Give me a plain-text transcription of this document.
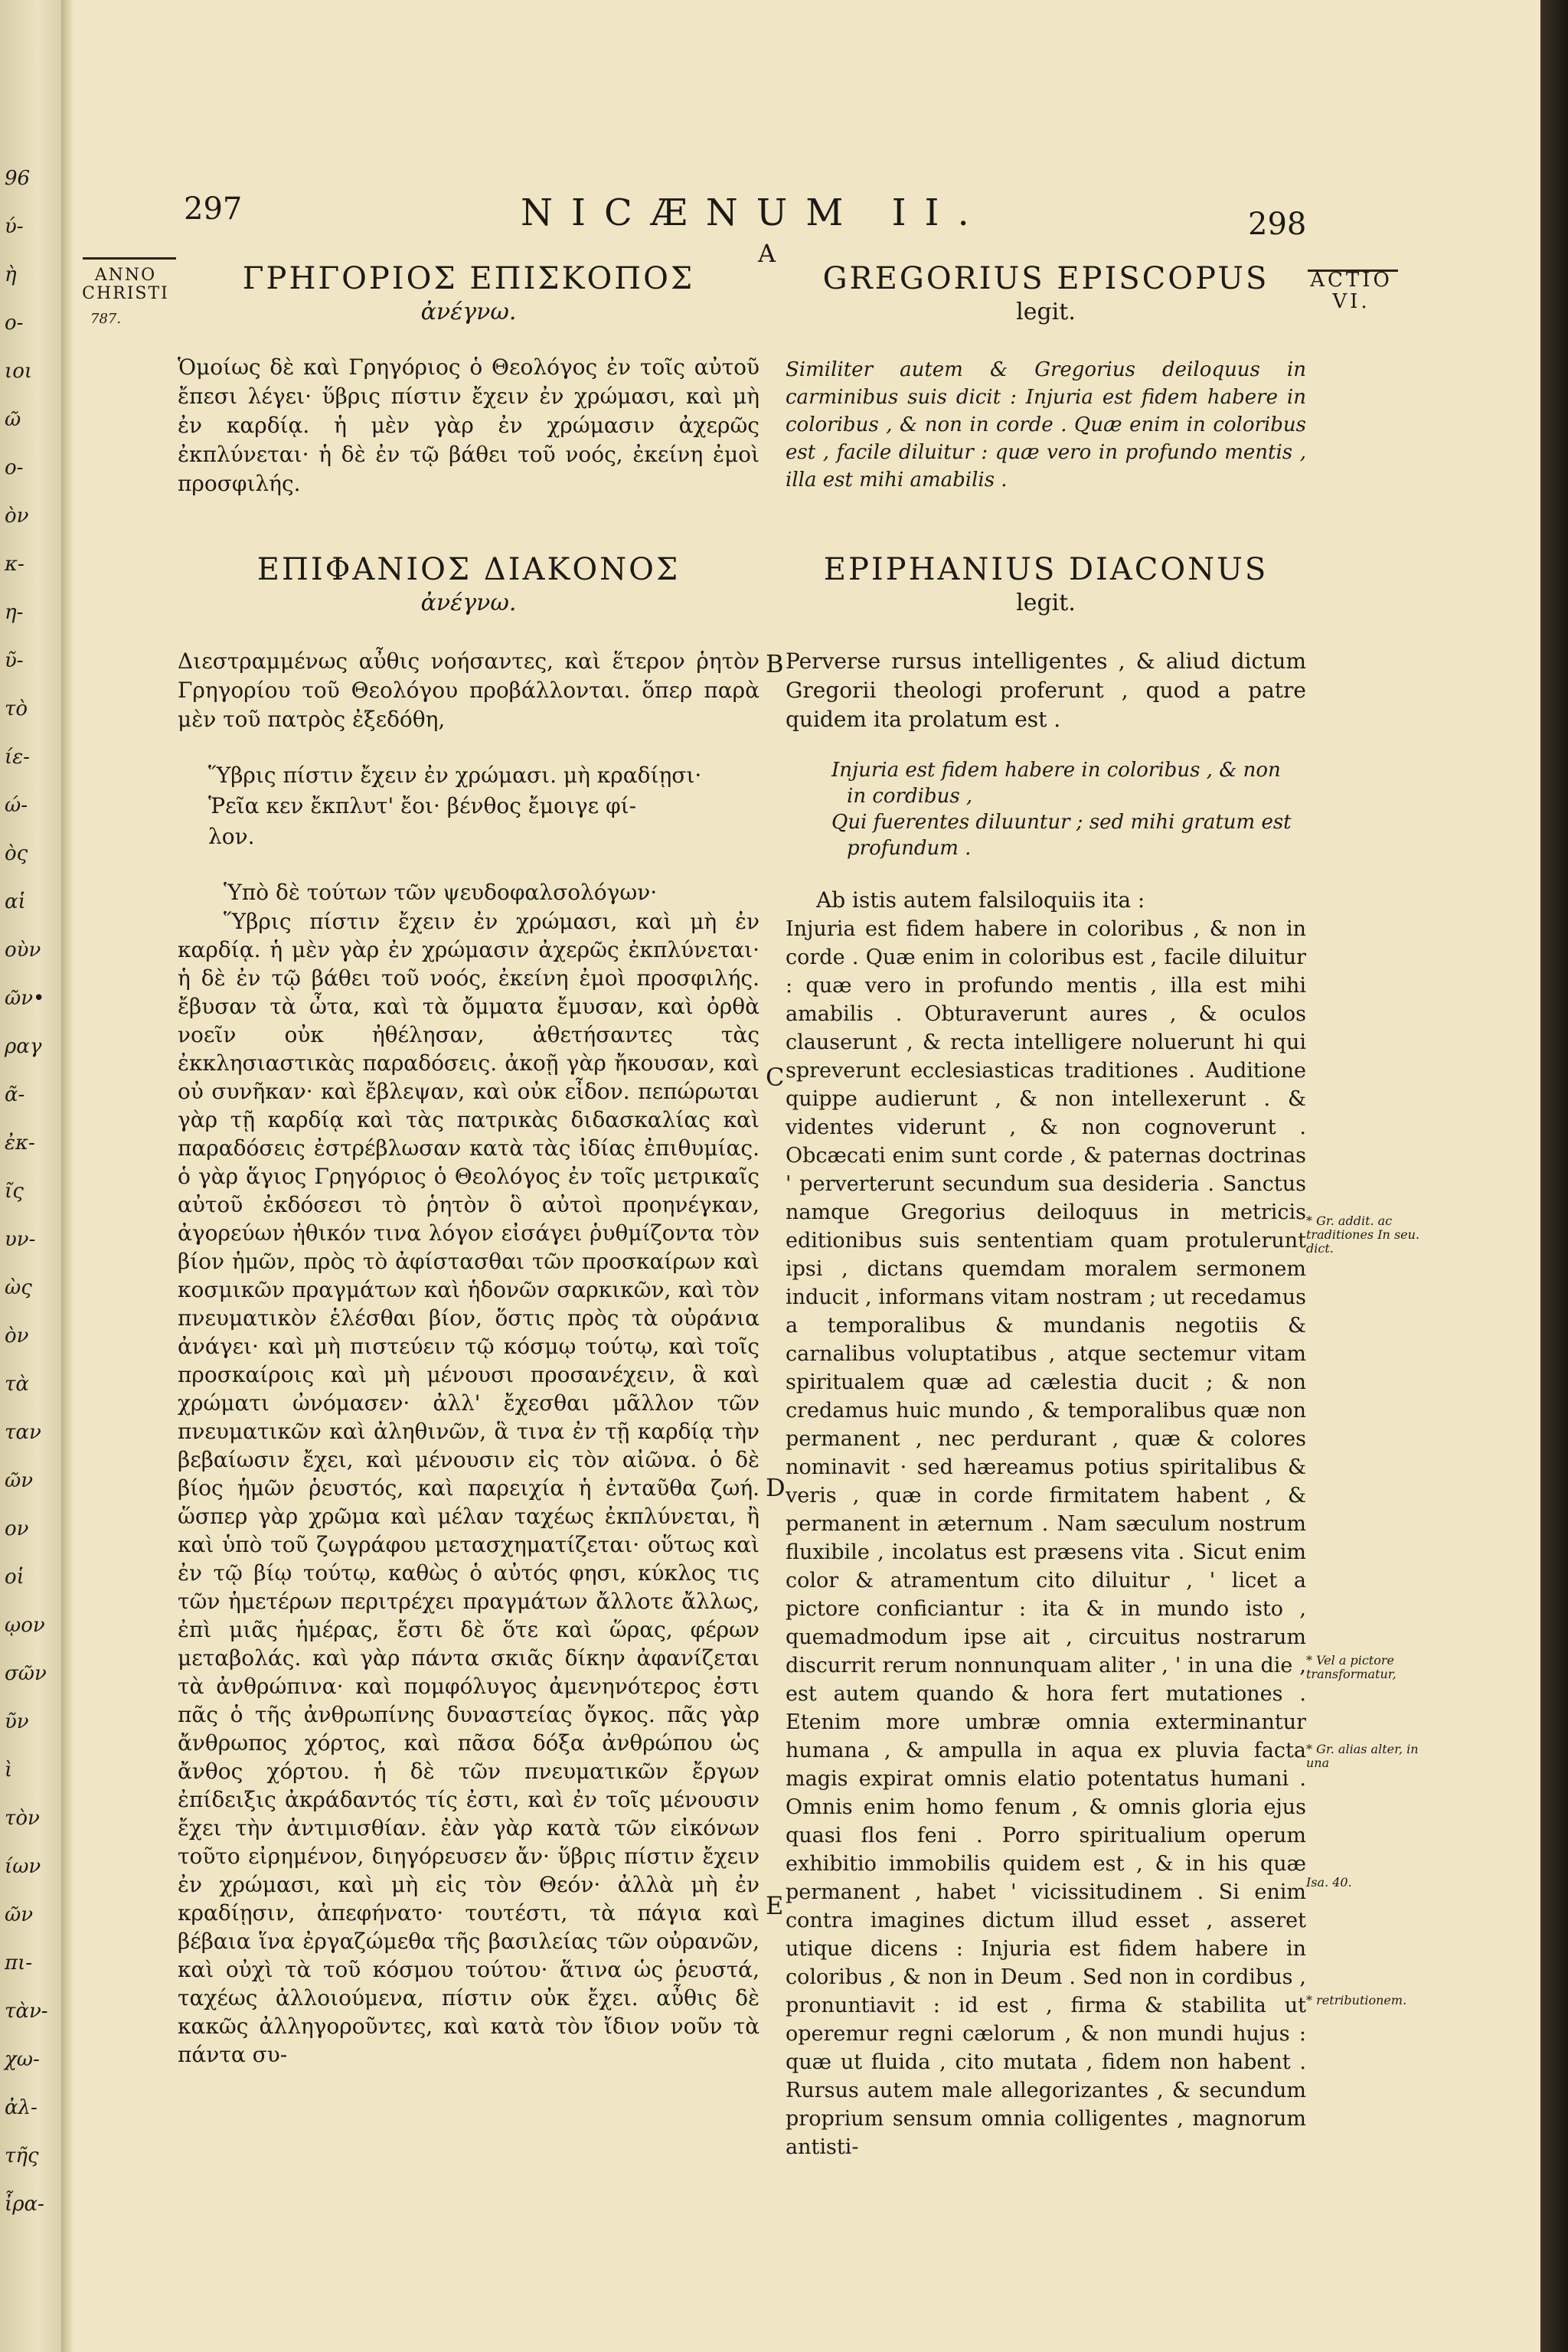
96
ύ-
ὴ
ο-
ιοι
ῶ
ο-
ὸν
κ-
η-
ῦ-
τὸ
ίε-
ώ-
ὸς
αἱ
οὺν
ῶν•
ραγ
ᾶ-
ἐκ-
ῖς
υν-
ὼς
ὸν
τὰ
ταν
ῶν
ον
οἱ
ῳον
σῶν
ῦν
ὶ
τὸν
ίων
ῶν
πι-
τὰν-
χω-
ἀλ-
τῆς
ἶρα-
297	NICÆNUM II.	298
A
B
C
D
E
ANNO CHRISTI
787.
ACTIO VI.
ΓΡΗΓΟΡΙΟΣ ΕΠΙΣΚΟΠΟΣ
ἀνέγνω.

Ὁμοίως δὲ καὶ Γρηγόριος ὁ Θεολόγος ἐν τοῖς αὐτοῦ ἔπεσι λέγει· ὕβρις πίστιν ἔχειν ἐν χρώμασι, καὶ μὴ ἐν καρδίᾳ. ἡ μὲν γὰρ ἐν χρώμασιν ἀχερῶς ἐκπλύνεται· ἡ δὲ ἐν τῷ βάθει τοῦ νοός, ἐκείνη ἐμοὶ προσφιλής.

ΕΠΙΦΑΝΙΟΣ ΔΙΑΚΟΝΟΣ
ἀνέγνω.

Διεστραμμένως αὖθις νοήσαντες, καὶ ἕτερον ῥητὸν Γρηγορίου τοῦ Θεολόγου προβάλλονται. ὅπερ παρὰ μὲν τοῦ πατρὸς ἐξεδόθη,

Ὕβρις πίστιν ἔχειν ἐν χρώμασι. μὴ κραδίῃσι·

Ῥεῖα κεν ἔκπλυτ' ἔοι· βένθος ἔμοιγε φί-

λον.

Ὑπὸ δὲ τούτων τῶν ψευδοφαλσολόγων·

Ὕβρις πίστιν ἔχειν ἐν χρώμασι, καὶ μὴ ἐν καρδίᾳ. ἡ μὲν γὰρ ἐν χρώμασιν ἀχερῶς ἐκπλύνεται· ἡ δὲ ἐν τῷ βάθει τοῦ νοός, ἐκείνη ἐμοὶ προσφιλής. ἔβυσαν τὰ ὦτα, καὶ τὰ ὄμματα ἔμυσαν, καὶ ὀρθὰ νοεῖν οὐκ ἠθέλησαν, ἀθετήσαντες τὰς ἐκκλησιαστικὰς παραδόσεις. ἀκοῇ γὰρ ἤκουσαν, καὶ οὐ συνῆκαν· καὶ ἔβλεψαν, καὶ οὐκ εἶδον. πεπώρωται γὰρ τῇ καρδίᾳ καὶ τὰς πατρικὰς διδασκαλίας καὶ παραδόσεις ἐστρέβλωσαν κατὰ τὰς ἰδίας ἐπιθυμίας. ὁ γὰρ ἅγιος Γρηγόριος ὁ Θεολόγος ἐν τοῖς μετρικαῖς αὐτοῦ ἐκδόσεσι τὸ ῥητὸν ὃ αὐτοὶ προηνέγκαν, ἀγορεύων ἠθικόν τινα λόγον εἰσάγει ῥυθμίζοντα τὸν βίον ἡμῶν, πρὸς τὸ ἀφίστασθαι τῶν προσκαίρων καὶ κοσμικῶν πραγμάτων καὶ ἡδονῶν σαρκικῶν, καὶ τὸν πνευματικὸν ἑλέσθαι βίον, ὅστις πρὸς τὰ οὐράνια ἀνάγει· καὶ μὴ πιστεύειν τῷ κόσμῳ τούτῳ, καὶ τοῖς προσκαίροις καὶ μὴ μένουσι προσανέχειν, ἃ καὶ χρώματι ὠνόμασεν· ἀλλ' ἔχεσθαι μᾶλλον τῶν πνευματικῶν καὶ ἀληθινῶν, ἃ τινα ἐν τῇ καρδίᾳ τὴν βεβαίωσιν ἔχει, καὶ μένουσιν εἰς τὸν αἰῶνα. ὁ δὲ βίος ἡμῶν ῥευστός, καὶ παρειχία ἡ ἐνταῦθα ζωή. ὥσπερ γὰρ χρῶμα καὶ μέλαν ταχέως ἐκπλύνεται, ἢ καὶ ὑπὸ τοῦ ζωγράφου μετασχηματίζεται· οὕτως καὶ ἐν τῷ βίῳ τούτῳ, καθὼς ὁ αὐτός φησι, κύκλος τις τῶν ἡμετέρων περιτρέχει πραγμάτων ἄλλοτε ἄλλως, ἐπὶ μιᾶς ἡμέρας, ἔστι δὲ ὅτε καὶ ὥρας, φέρων μεταβολάς. καὶ γὰρ πάντα σκιᾶς δίκην ἀφανίζεται τὰ ἀνθρώπινα· καὶ πομφόλυγος ἀμενηνότερος ἐστι πᾶς ὁ τῆς ἀνθρωπίνης δυναστείας ὄγκος. πᾶς γὰρ ἄνθρωπος χόρτος, καὶ πᾶσα δόξα ἀνθρώπου ὡς ἄνθος χόρτου. ἡ δὲ τῶν πνευματικῶν ἔργων ἐπίδειξις ἀκράδαντός τίς ἐστι, καὶ ἐν τοῖς μένουσιν ἔχει τὴν ἀντιμισθίαν. ἐὰν γὰρ κατὰ τῶν εἰκόνων τοῦτο εἰρημένον, διηγόρευσεν ἄν· ὕβρις πίστιν ἔχειν ἐν χρώμασι, καὶ μὴ εἰς τὸν Θεόν· ἀλλὰ μὴ ἐν κραδίῃσιν, ἀπεφήνατο· τουτέστι, τὰ πάγια καὶ βέβαια ἵνα ἐργαζώμεθα τῆς βασιλείας τῶν οὐρανῶν, καὶ οὐχὶ τὰ τοῦ κόσμου τούτου· ἅτινα ὡς ῥευστά, ταχέως ἀλλοιούμενα, πίστιν οὐκ ἔχει. αὖθις δὲ κακῶς ἀλληγοροῦντες, καὶ κατὰ τὸν ἴδιον νοῦν τὰ πάντα συ-

GREGORIUS EPISCOPUS
legit.

Similiter autem & Gregorius deiloquus in carminibus suis dicit : Injuria est fidem habere in coloribus , & non in corde . Quæ enim in coloribus est , facile diluitur : quæ vero in profundo mentis , illa est mihi amabilis .

EPIPHANIUS DIACONUS
legit.

Perverse rursus intelligentes , & aliud dictum Gregorii theologi proferunt , quod a patre quidem ita prolatum est .

Injuria est fidem habere in coloribus , & non in cordibus ,

Qui fuerentes diluuntur ; sed mihi gratum est profundum .

Ab istis autem falsiloquiis ita :

Injuria est fidem habere in coloribus , & non in corde . Quæ enim in coloribus est , facile diluitur : quæ vero in profundo mentis , illa est mihi amabilis . Obturaverunt aures , & oculos clauserunt , & recta intelligere noluerunt hi qui spreverunt ecclesiasticas traditiones . Auditione quippe audierunt , & non intellexerunt . & videntes viderunt , & non cognoverunt . Obcæcati enim sunt corde , & paternas doctrinas ' perverterunt secundum sua desideria . Sanctus namque Gregorius deiloquus in metricis editionibus suis sententiam quam protulerunt ipsi , dictans quemdam moralem sermonem inducit , informans vitam nostram ; ut recedamus a temporalibus & mundanis negotiis & carnalibus voluptatibus , atque sectemur vitam spiritualem quæ ad cælestia ducit ; & non credamus huic mundo , & temporalibus quæ non permanent , nec perdurant , quæ & colores nominavit · sed hæreamus potius spiritalibus & veris , quæ in corde firmitatem habent , & permanent in æternum . Nam sæculum nostrum fluxibile , incolatus est præsens vita . Sicut enim color & atramentum cito diluitur , ' licet a pictore conficiantur : ita & in mundo isto , quemadmodum ipse ait , circuitus nostrarum discurrit rerum nonnunquam aliter , ' in una die , est autem quando & hora fert mutationes . Etenim more umbræ omnia exterminantur humana , & ampulla in aqua ex pluvia facta magis expirat omnis elatio potentatus humani . Omnis enim homo fenum , & omnis gloria ejus quasi flos feni . Porro spiritualium operum exhibitio immobilis quidem est , & in his quæ permanent , habet ' vicissitudinem . Si enim contra imagines dictum illud esset , asseret utique dicens : Injuria est fidem habere in coloribus , & non in Deum . Sed non in cordibus , pronuntiavit : id est , firma & stabilita ut operemur regni cælorum , & non mundi hujus : quæ ut fluida , cito mutata , fidem non habent . Rursus autem male allegorizantes , & secundum proprium sensum omnia colligentes , magnorum antisti-

* Gr. addit. ac traditiones In seu. dict.
* Vel a pictore transformatur,
* Gr. alias alter, in una
Isa. 40.
* retributionem.
